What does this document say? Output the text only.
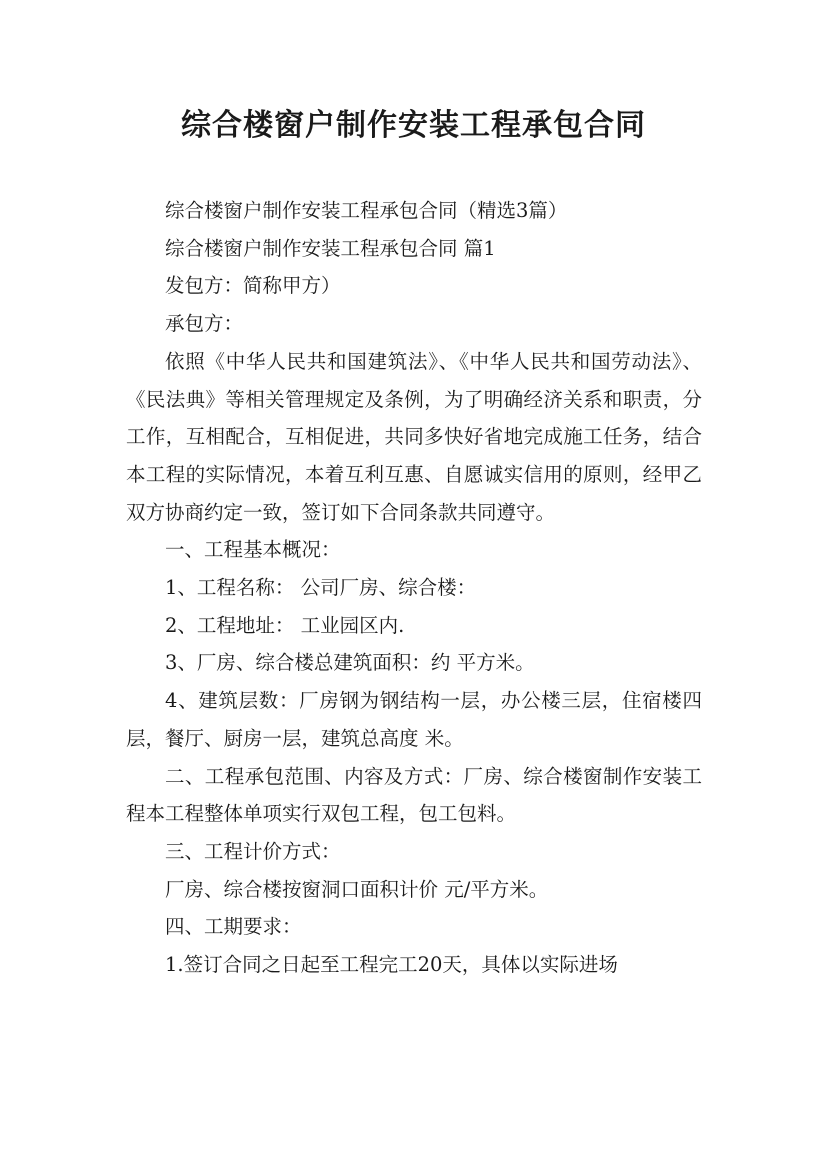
综合楼窗户制作安装工程承包合同

综合楼窗户制作安装工程承包合同（精选3篇）

综合楼窗户制作安装工程承包合同 篇1

发包方：简称甲方）

承包方：

依照《中华人民共和国建筑法》、《中华人民共和国劳动法》、《民法典》等相关管理规定及条例，为了明确经济关系和职责，分工作，互相配合，互相促进，共同多快好省地完成施工任务，结合本工程的实际情况，本着互利互惠、自愿诚实信用的原则，经甲乙双方协商约定一致，签订如下合同条款共同遵守。

一、工程基本概况：

1、工程名称： 公司厂房、综合楼：

2、工程地址： 工业园区内.

3、厂房、综合楼总建筑面积：约 平方米。

4、建筑层数：厂房钢为钢结构一层，办公楼三层，住宿楼四层，餐厅、厨房一层，建筑总高度 米。

二、工程承包范围、内容及方式：厂房、综合楼窗制作安装工程本工程整体单项实行双包工程，包工包料。

三、工程计价方式：

厂房、综合楼按窗洞口面积计价 元/平方米。

四、工期要求：

1.签订合同之日起至工程完工20天，具体以实际进场
